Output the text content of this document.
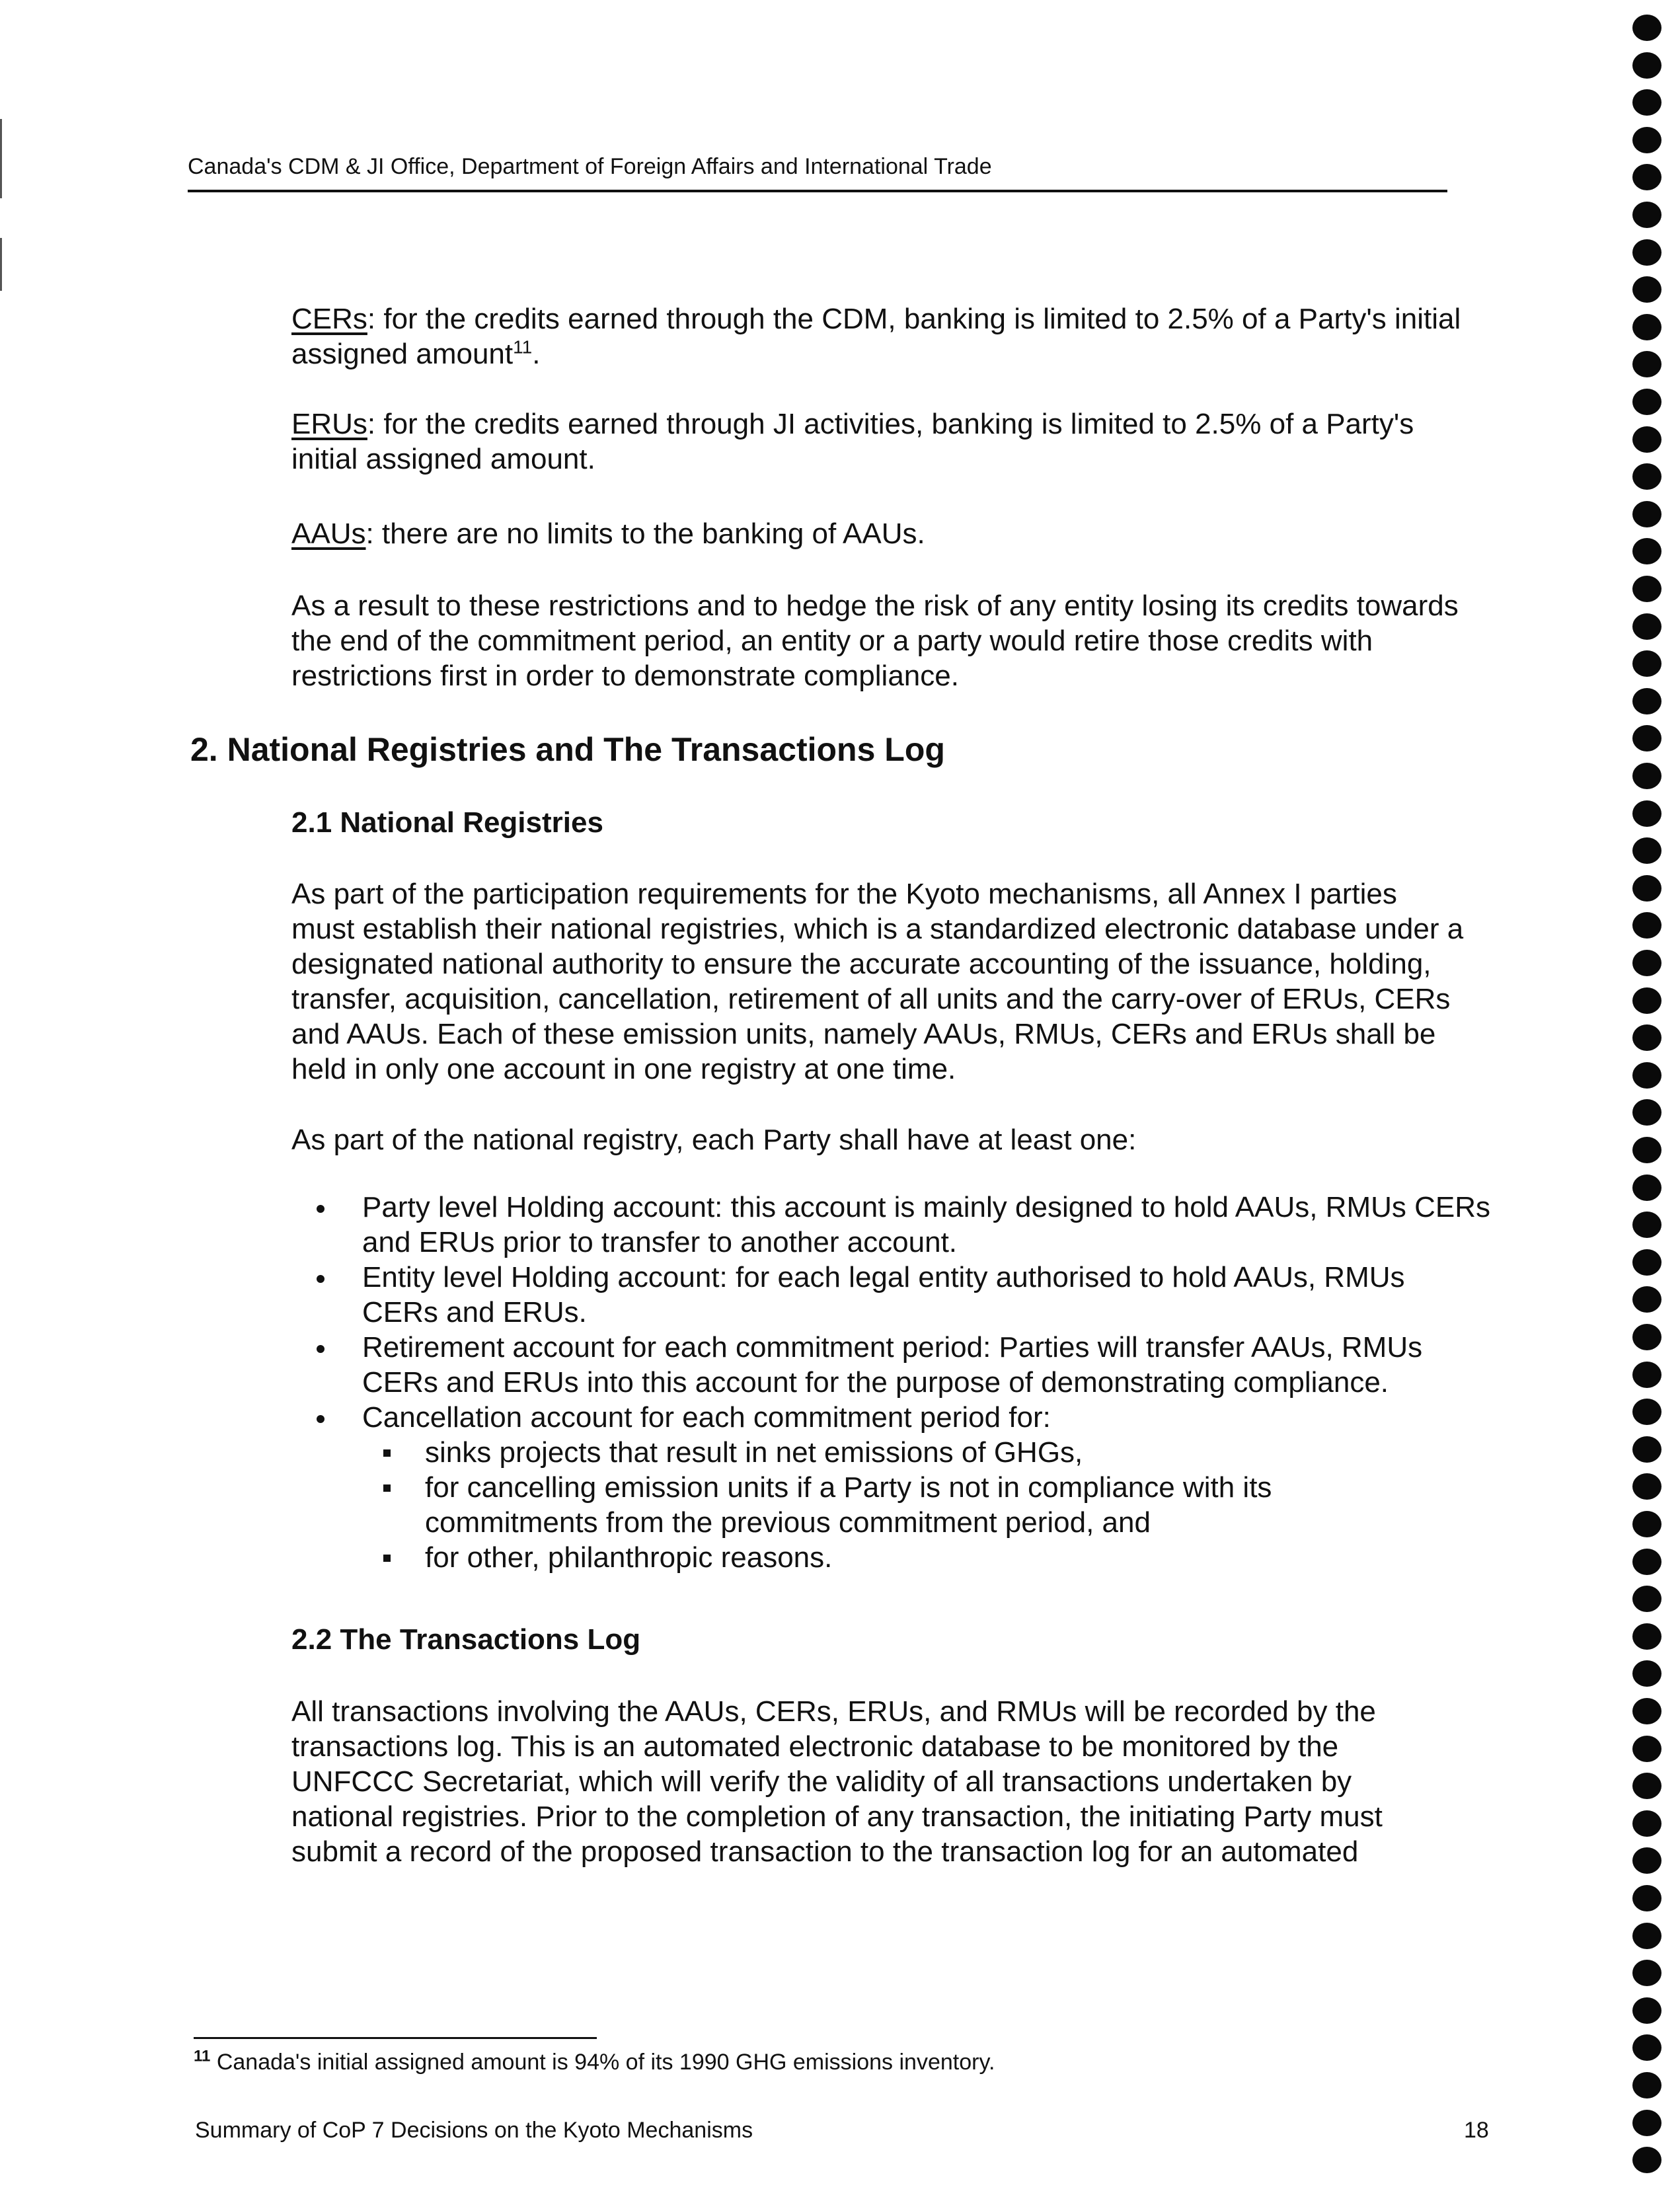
Canada's CDM & JI Office, Department of Foreign Affairs and International Trade

CERs: for the credits earned through the CDM, banking is limited to 2.5% of a Party's initial assigned amount$^{11}$.

ERUs: for the credits earned through JI activities, banking is limited to 2.5% of a Party's initial assigned amount.

AAUs: there are no limits to the banking of AAUs.

As a result to these restrictions and to hedge the risk of any entity losing its credits towards the end of the commitment period, an entity or a party would retire those credits with restrictions first in order to demonstrate compliance.

2. National Registries and The Transactions Log
2.1 National Registries

As part of the participation requirements for the Kyoto mechanisms, all Annex I parties must establish their national registries, which is a standardized electronic database under a designated national authority to ensure the accurate accounting of the issuance, holding, transfer, acquisition, cancellation, retirement of all units and the carry-over of ERUs, CERs and AAUs. Each of these emission units, namely AAUs, RMUs, CERs and ERUs shall be held in only one account in one registry at one time.

As part of the national registry, each Party shall have at least one:

Party level Holding account: this account is mainly designed to hold AAUs, RMUs CERs and ERUs prior to transfer to another account.
Entity level Holding account: for each legal entity authorised to hold AAUs, RMUs CERs and ERUs.
Retirement account for each commitment period: Parties will transfer AAUs, RMUs CERs and ERUs into this account for the purpose of demonstrating compliance.
Cancellation account for each commitment period for:
sinks projects that result in net emissions of GHGs,
for cancelling emission units if a Party is not in compliance with its commitments from the previous commitment period, and
for other, philanthropic reasons.
2.2 The Transactions Log

All transactions involving the AAUs, CERs, ERUs, and RMUs will be recorded by the transactions log. This is an automated electronic database to be monitored by the UNFCCC Secretariat, which will verify the validity of all transactions undertaken by national registries. Prior to the completion of any transaction, the initiating Party must submit a record of the proposed transaction to the transaction log for an automated

$^{11}$ Canada's initial assigned amount is 94% of its 1990 GHG emissions inventory.
Summary of CoP 7 Decisions on the Kyoto Mechanisms	18
